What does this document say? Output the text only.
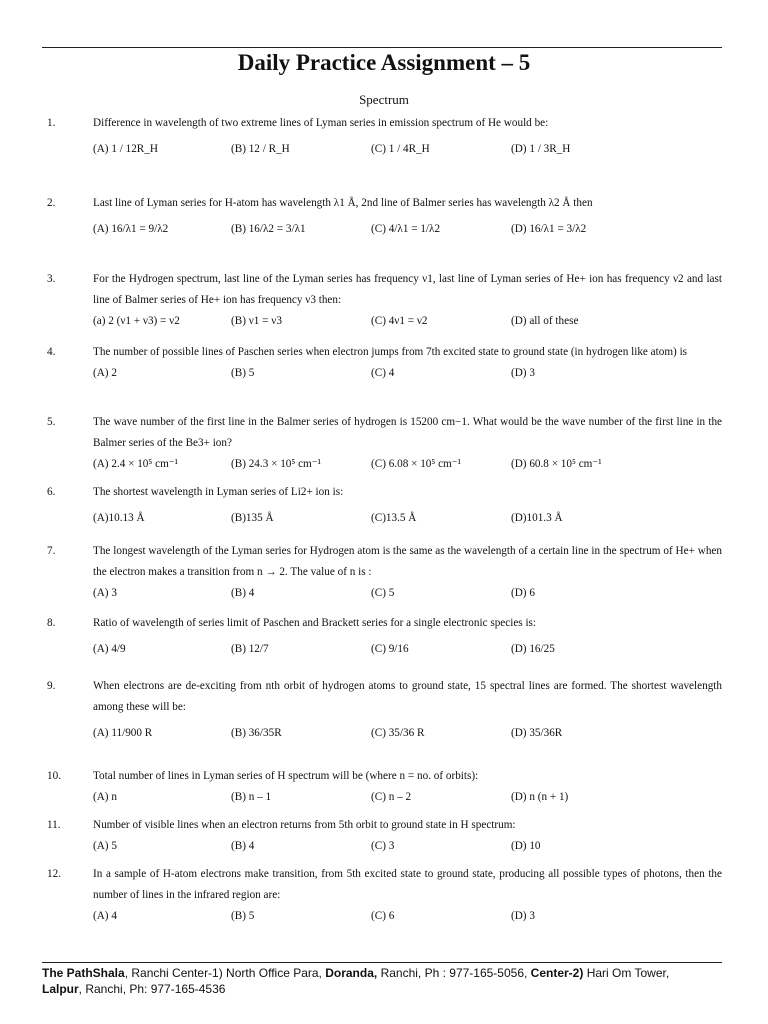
Daily Practice Assignment – 5
Spectrum
1.	Difference in wavelength of two extreme lines of Lyman series in emission spectrum of He would be:
(A) 1 / 12R_H	(B) 12 / R_H	(C) 1 / 4R_H	(D) 1 / 3R_H
2.	Last line of Lyman series for H-atom has wavelength λ1 Å, 2nd line of Balmer series has wavelength λ2 Å then
(A) 16/λ1 = 9/λ2	(B) 16/λ2 = 3/λ1	(C) 4/λ1 = 1/λ2	(D) 16/λ1 = 3/λ2
3.	For the Hydrogen spectrum, last line of the Lyman series has frequency ν1, last line of Lyman series of He+ ion has frequency ν2 and last line of Balmer series of He+ ion has frequency ν3 then:
(a) 2 (ν1 + ν3) = ν2	(B) ν1 = ν3	(C) 4ν1 = ν2	(D) all of these
4.	The number of possible lines of Paschen series when electron jumps from 7th excited state to ground state (in hydrogen like atom) is
(A) 2	(B) 5	(C) 4	(D) 3
5.	The wave number of the first line in the Balmer series of hydrogen is 15200 cm−1. What would be the wave number of the first line in the Balmer series of the Be3+ ion?
(A) 2.4 × 10⁵ cm⁻¹	(B) 24.3 × 10⁵ cm⁻¹	(C) 6.08 × 10⁵ cm⁻¹	(D) 60.8 × 10⁵ cm⁻¹
6.	The shortest wavelength in Lyman series of Li2+ ion is:
(A)10.13 Å	(B)135 Å	(C)13.5 Å	(D)101.3 Å
7.	The longest wavelength of the Lyman series for Hydrogen atom is the same as the wavelength of a certain line in the spectrum of He+ when the electron makes a transition from n → 2. The value of n is :
(A) 3	(B) 4	(C) 5	(D) 6
8.	Ratio of wavelength of series limit of Paschen and Brackett series for a single electronic species is:
(A) 4/9	(B) 12/7	(C) 9/16	(D) 16/25
9.	When electrons are de-exciting from nth orbit of hydrogen atoms to ground state, 15 spectral lines are formed. The shortest wavelength among these will be:
(A) 11/900 R	(B) 36/35R	(C) 35/36 R	(D) 35/36R
10.	Total number of lines in Lyman series of H spectrum will be (where n = no. of orbits):
(A) n	(B) n – 1	(C) n – 2	(D) n (n + 1)
11.	Number of visible lines when an electron returns from 5th orbit to ground state in H spectrum:
(A) 5	(B) 4	(C) 3	(D) 10
12.	In a sample of H-atom electrons make transition, from 5th excited state to ground state, producing all possible types of photons, then the number of lines in the infrared region are:
(A) 4	(B) 5	(C) 6	(D) 3
The PathShala, Ranchi Center-1) North Office Para, Doranda, Ranchi, Ph : 977-165-5056, Center-2) Hari Om Tower,
Lalpur, Ranchi, Ph: 977-165-4536
